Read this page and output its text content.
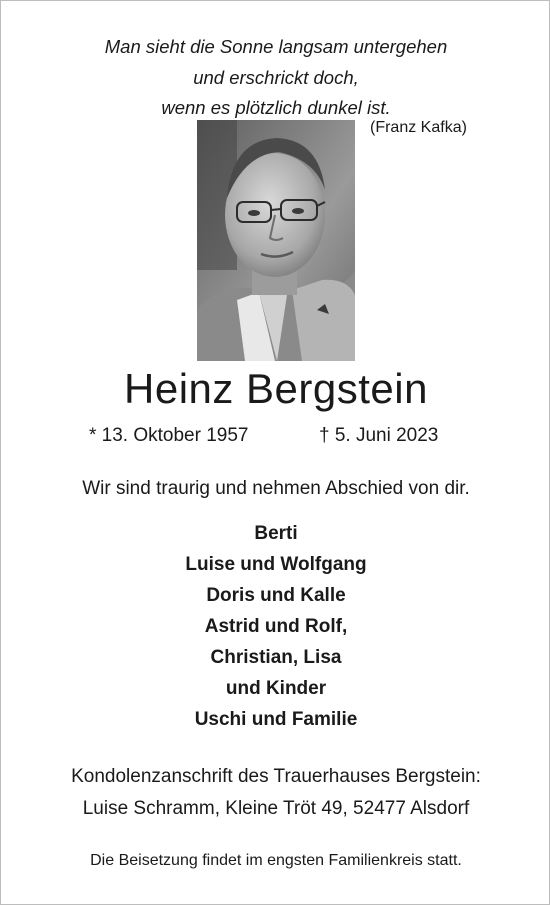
Man sieht die Sonne langsam untergehen
und erschrickt doch,
wenn es plötzlich dunkel ist.
(Franz Kafka)
Heinz Bergstein
* 13. Oktober 1957	† 5. Juni 2023
Wir sind traurig und nehmen Abschied von dir.
Berti
Luise und Wolfgang
Doris und Kalle
Astrid und Rolf,
Christian, Lisa
und Kinder
Uschi und Familie
Kondolenzanschrift des Trauerhauses Bergstein:
Luise Schramm, Kleine Tröt 49, 52477 Alsdorf
Die Beisetzung findet im engsten Familienkreis statt.
